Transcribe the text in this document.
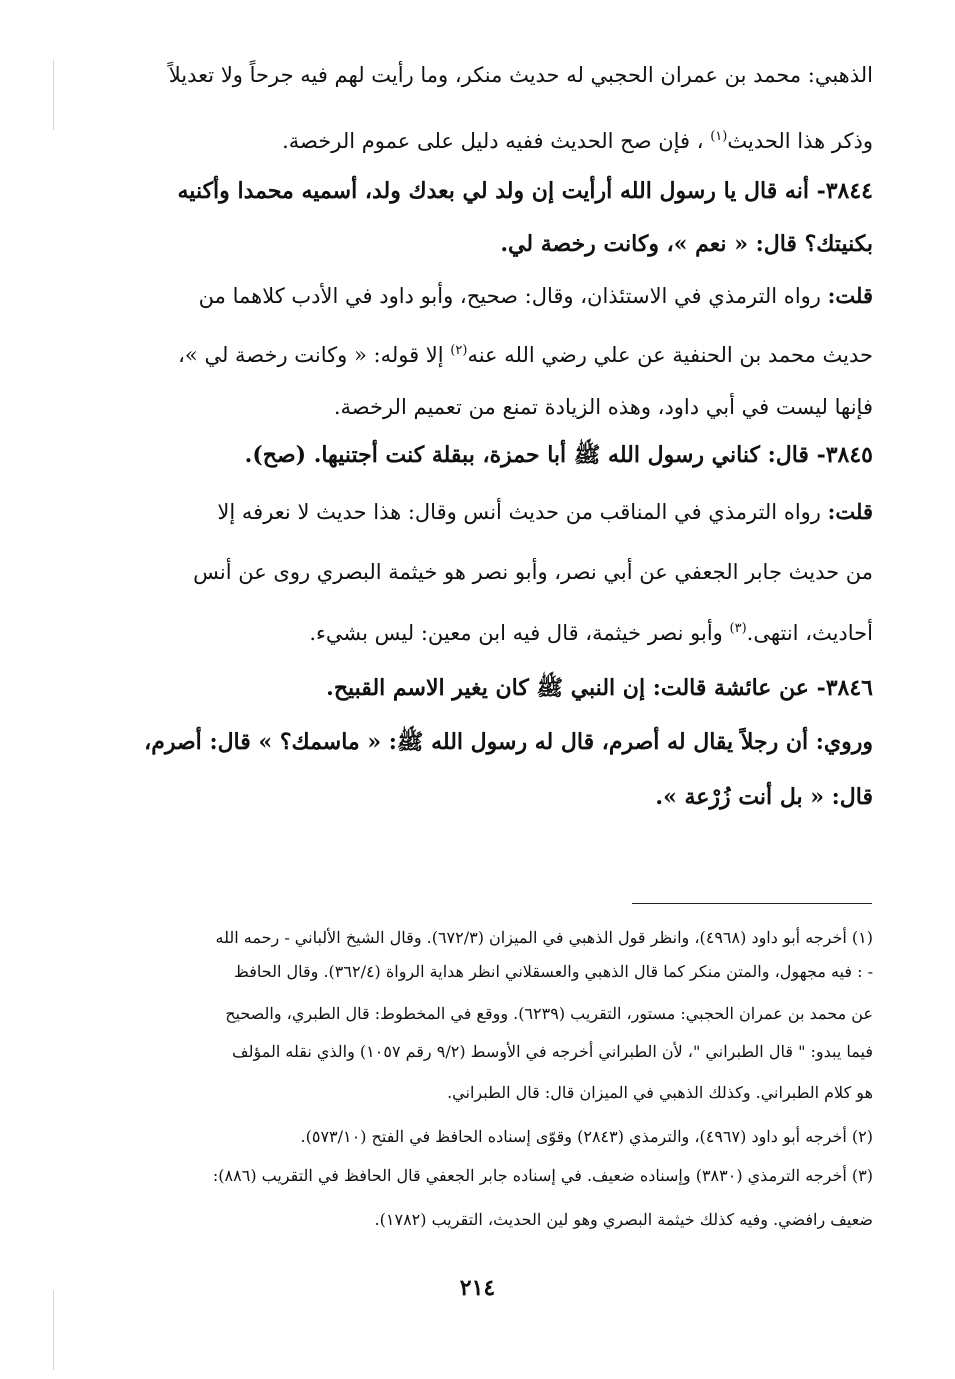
الذهبي: محمد بن عمران الحجبي له حديث منكر، وما رأيت لهم فيه جرحاً ولا تعديلاً
وذكر هذا الحديث$^{(١)}$ ، فإن صح الحديث ففيه دليل على عموم الرخصة.
٣٨٤٤- أنه قال يا رسول الله أرأيت إن ولد لي بعدك ولد، أسميه محمدا وأكنيه
بكنيتك؟ قال: « نعم »، وكانت رخصة لي.
قلت: رواه الترمذي في الاستئذان، وقال: صحيح، وأبو داود في الأدب كلاهما من
حديث محمد بن الحنفية عن علي رضي الله عنه$^{(٢)}$ إلا قوله: « وكانت رخصة لي »،
فإنها ليست في أبي داود، وهذه الزيادة تمنع من تعميم الرخصة.
٣٨٤٥- قال: كناني رسول الله ﷺ أبا حمزة، ببقلة كنت أجتنيها. (صح).
قلت: رواه الترمذي في المناقب من حديث أنس وقال: هذا حديث لا نعرفه إلا
من حديث جابر الجعفي عن أبي نصر، وأبو نصر هو خيثمة البصري روى عن أنس
أحاديث، انتهى.$^{(٣)}$ وأبو نصر خيثمة، قال فيه ابن معين: ليس بشيء.
٣٨٤٦- عن عائشة قالت: إن النبي ﷺ كان يغير الاسم القبيح.
وروي: أن رجلاً يقال له أصرم، قال له رسول الله ﷺ: « ماسمك؟ » قال: أصرم،
قال: « بل أنت زُرْعة ».
(١) أخرجه أبو داود (٤٩٦٨)، وانظر قول الذهبي في الميزان (٦٧٢/٣). وقال الشيخ الألباني - رحمه الله
- : فيه مجهول، والمتن منكر كما قال الذهبي والعسقلاني انظر هداية الرواة (٣٦٢/٤). وقال الحافظ
عن محمد بن عمران الحجبي: مستور، التقريب (٦٢٣٩). ووقع في المخطوط: قال الطبري، والصحيح
فيما يبدو: " قال الطبراني "، لأن الطبراني أخرجه في الأوسط (٩/٢ رقم ١٠٥٧) والذي نقله المؤلف
هو كلام الطبراني. وكذلك الذهبي في الميزان قال: قال الطبراني.
(٢) أخرجه أبو داود (٤٩٦٧)، والترمذي (٢٨٤٣) وقوّى إسناده الحافظ في الفتح (٥٧٣/١٠).
(٣) أخرجه الترمذي (٣٨٣٠) وإسناده ضعيف. في إسناده جابر الجعفي قال الحافظ في التقريب (٨٨٦):
ضعيف رافضي. وفيه كذلك خيثمة البصري وهو لين الحديث، التقريب (١٧٨٢).
٢١٤
